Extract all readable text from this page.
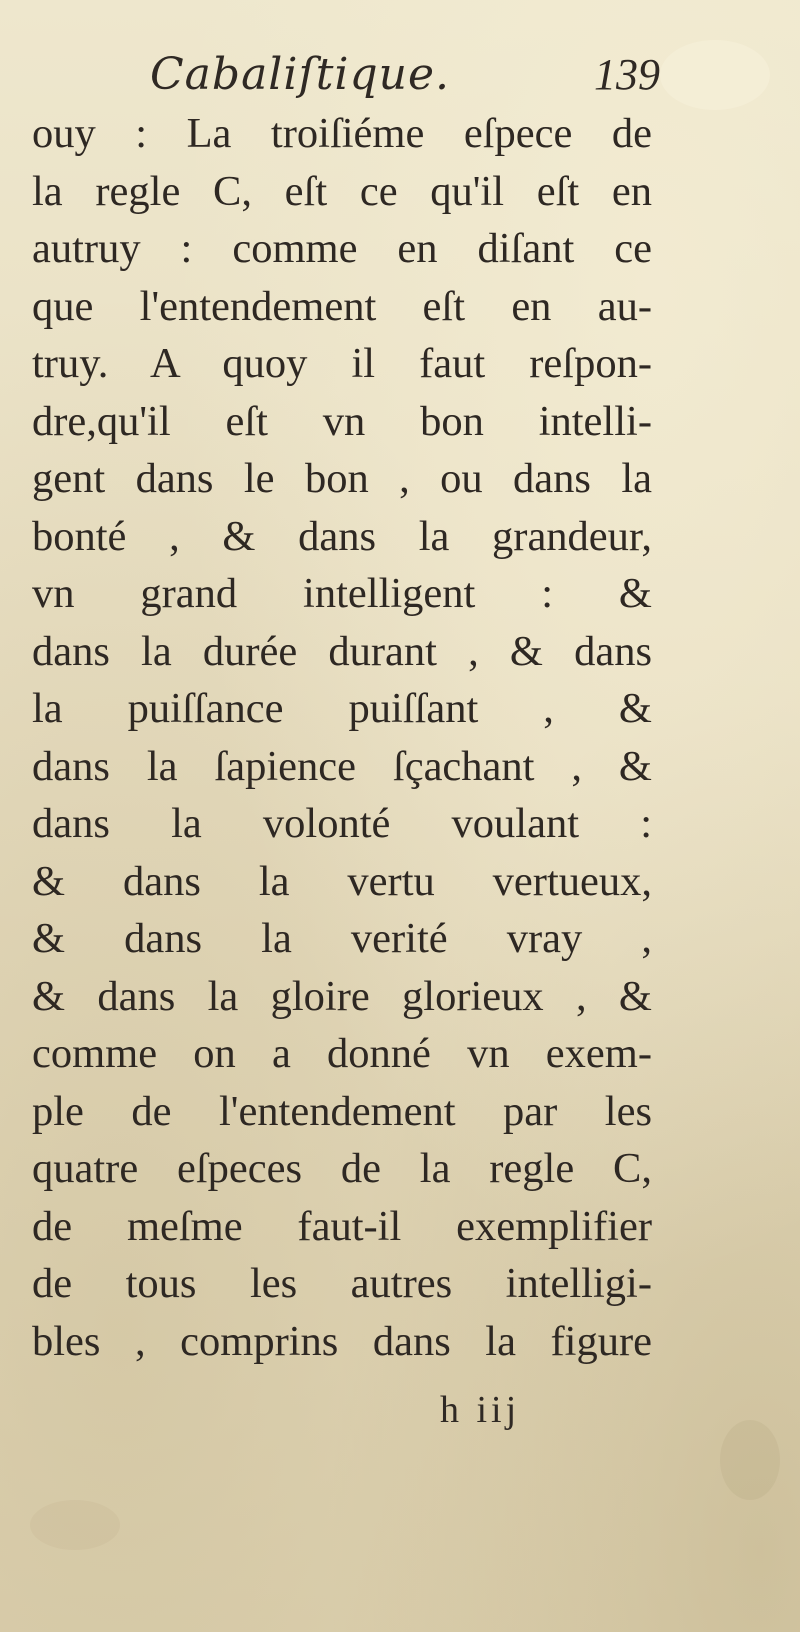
Cabaliſtique.	139
ouy : La troiſiéme eſpece de
la regle C, eſt ce qu'il eſt en
autruy : comme en diſant ce
que l'entendement eſt en au-
truy. A quoy il faut reſpon-
dre,qu'il eſt vn bon intelli-
gent dans le bon , ou dans la
bonté , & dans la grandeur,
vn grand intelligent : &
dans la durée durant , & dans
la puiſſance puiſſant , &
dans la ſapience ſçachant , &
dans la volonté voulant :
& dans la vertu vertueux,
& dans la verité vray ,
& dans la gloire glorieux , &
comme on a donné vn exem-
ple de l'entendement par les
quatre eſpeces de la regle C,
de meſme faut-il exemplifier
de tous les autres intelligi-
bles , comprins dans la figure
h iij
